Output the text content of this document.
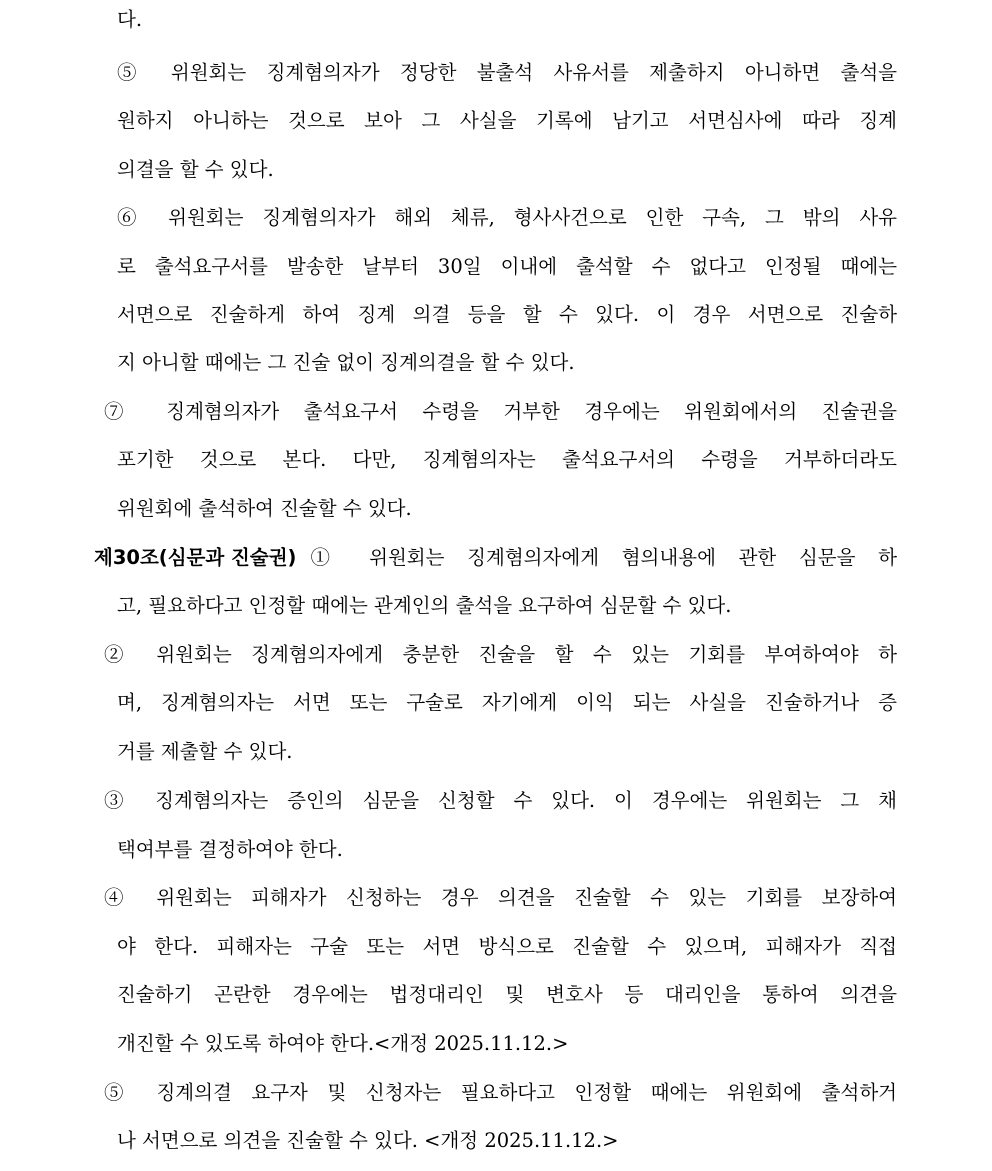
다.
⑤ 위원회는 징계혐의자가 정당한 불출석 사유서를 제출하지 아니하면 출석을
원하지 아니하는 것으로 보아 그 사실을 기록에 남기고 서면심사에 따라 징계
의결을 할 수 있다.
⑥ 위원회는 징계혐의자가 해외 체류, 형사사건으로 인한 구속, 그 밖의 사유
로 출석요구서를 발송한 날부터 30일 이내에 출석할 수 없다고 인정될 때에는
서면으로 진술하게 하여 징계 의결 등을 할 수 있다. 이 경우 서면으로 진술하
지 아니할 때에는 그 진술 없이 징계의결을 할 수 있다.
⑦ 징계혐의자가 출석요구서 수령을 거부한 경우에는 위원회에서의 진술권을
포기한 것으로 본다. 다만, 징계혐의자는 출석요구서의 수령을 거부하더라도
위원회에 출석하여 진술할 수 있다.
제30조(심문과 진술권) ① 위원회는 징계혐의자에게 혐의내용에 관한 심문을 하
고, 필요하다고 인정할 때에는 관계인의 출석을 요구하여 심문할 수 있다.
② 위원회는 징계혐의자에게 충분한 진술을 할 수 있는 기회를 부여하여야 하
며, 징계혐의자는 서면 또는 구술로 자기에게 이익 되는 사실을 진술하거나 증
거를 제출할 수 있다.
③ 징계혐의자는 증인의 심문을 신청할 수 있다. 이 경우에는 위원회는 그 채
택여부를 결정하여야 한다.
④ 위원회는 피해자가 신청하는 경우 의견을 진술할 수 있는 기회를 보장하여
야 한다. 피해자는 구술 또는 서면 방식으로 진술할 수 있으며, 피해자가 직접
진술하기 곤란한 경우에는 법정대리인 및 변호사 등 대리인을 통하여 의견을
개진할 수 있도록 하여야 한다.<개정 2025.11.12.>
⑤ 징계의결 요구자 및 신청자는 필요하다고 인정할 때에는 위원회에 출석하거
나 서면으로 의견을 진술할 수 있다. <개정 2025.11.12.>
